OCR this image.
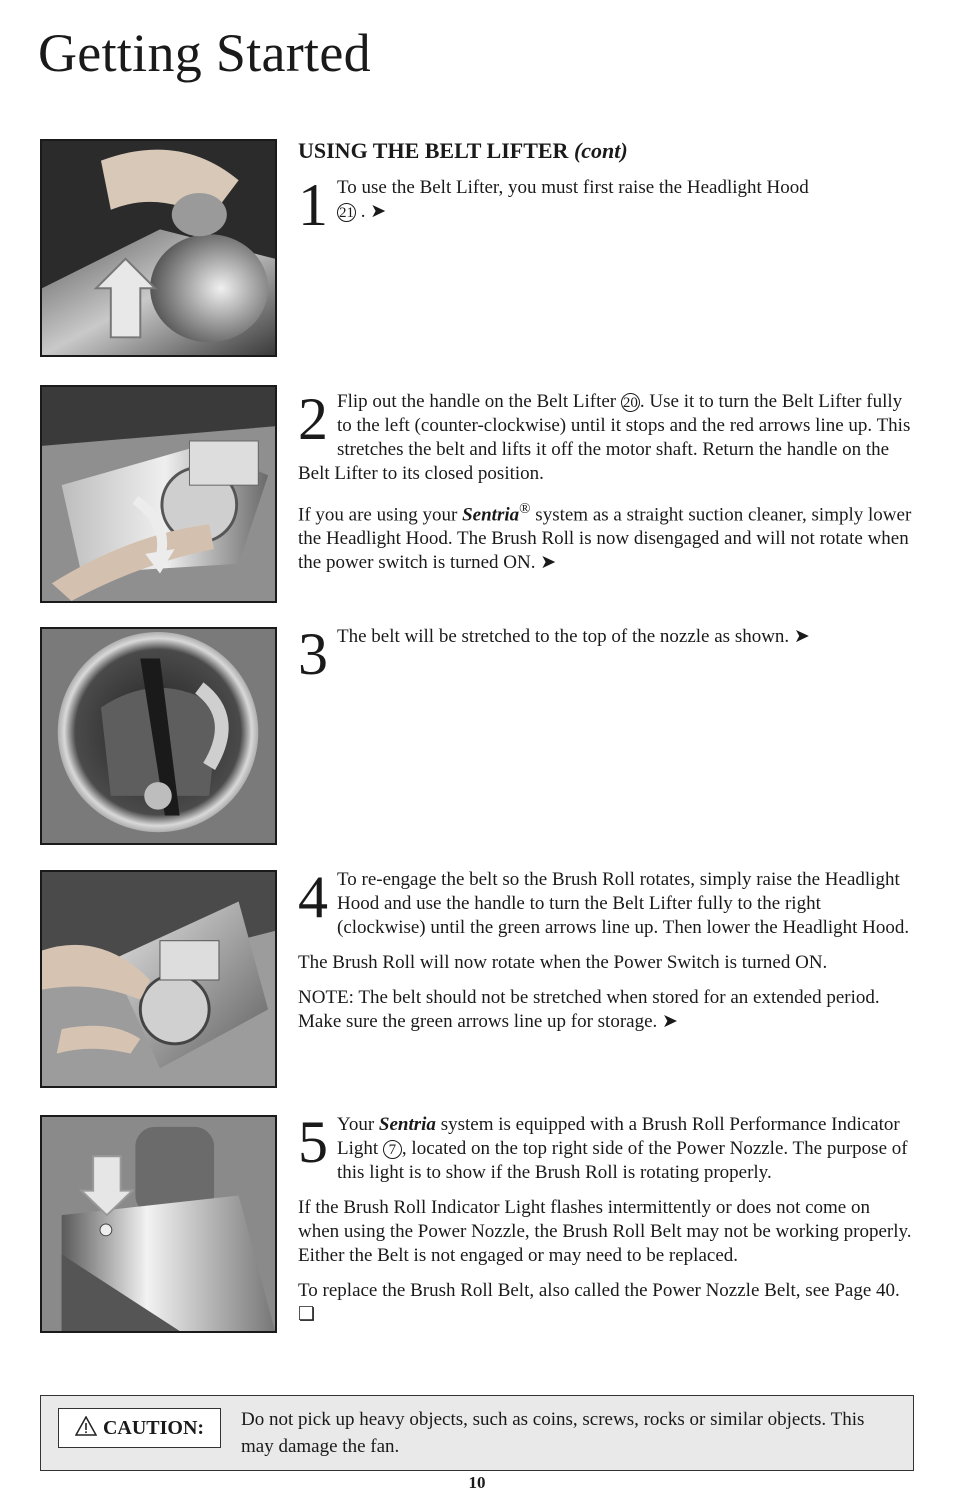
Getting Started
USING THE BELT LIFTER (cont)
1 To use the Belt Lifter, you must first raise the Headlight Hood 21 . ➤

2 Flip out the handle on the Belt Lifter 20 . Use it to turn the Belt Lifter fully to the left (counter-clockwise) until it stops and the red arrows line up. This stretches the belt and lifts it off the motor shaft. Return the handle on the Belt Lifter to its closed position.

If you are using your Sentria® system as a straight suction cleaner, simply lower the Headlight Hood. The Brush Roll is now disengaged and will not rotate when the power switch is turned ON. ➤

3 The belt will be stretched to the top of the nozzle as shown. ➤

4 To re-engage the belt so the Brush Roll rotates, simply raise the Headlight Hood and use the handle to turn the Belt Lifter fully to the right (clockwise) until the green arrows line up. Then lower the Headlight Hood.

The Brush Roll will now rotate when the Power Switch is turned ON.

NOTE: The belt should not be stretched when stored for an extended period. Make sure the green arrows line up for storage. ➤

5 Your Sentria system is equipped with a Brush Roll Performance Indicator Light 7 , located on the top right side of the Power Nozzle. The purpose of this light is to show if the Brush Roll is rotating properly.

If the Brush Roll Indicator Light flashes intermittently or does not come on when using the Power Nozzle, the Brush Roll Belt may not be working properly. Either the Belt is not engaged or may need to be replaced.

To replace the Brush Roll Belt, also called the Power Nozzle Belt, see Page 40. ❏

CAUTION:	Do not pick up heavy objects, such as coins, screws, rocks or similar objects. This may damage the fan.
10
